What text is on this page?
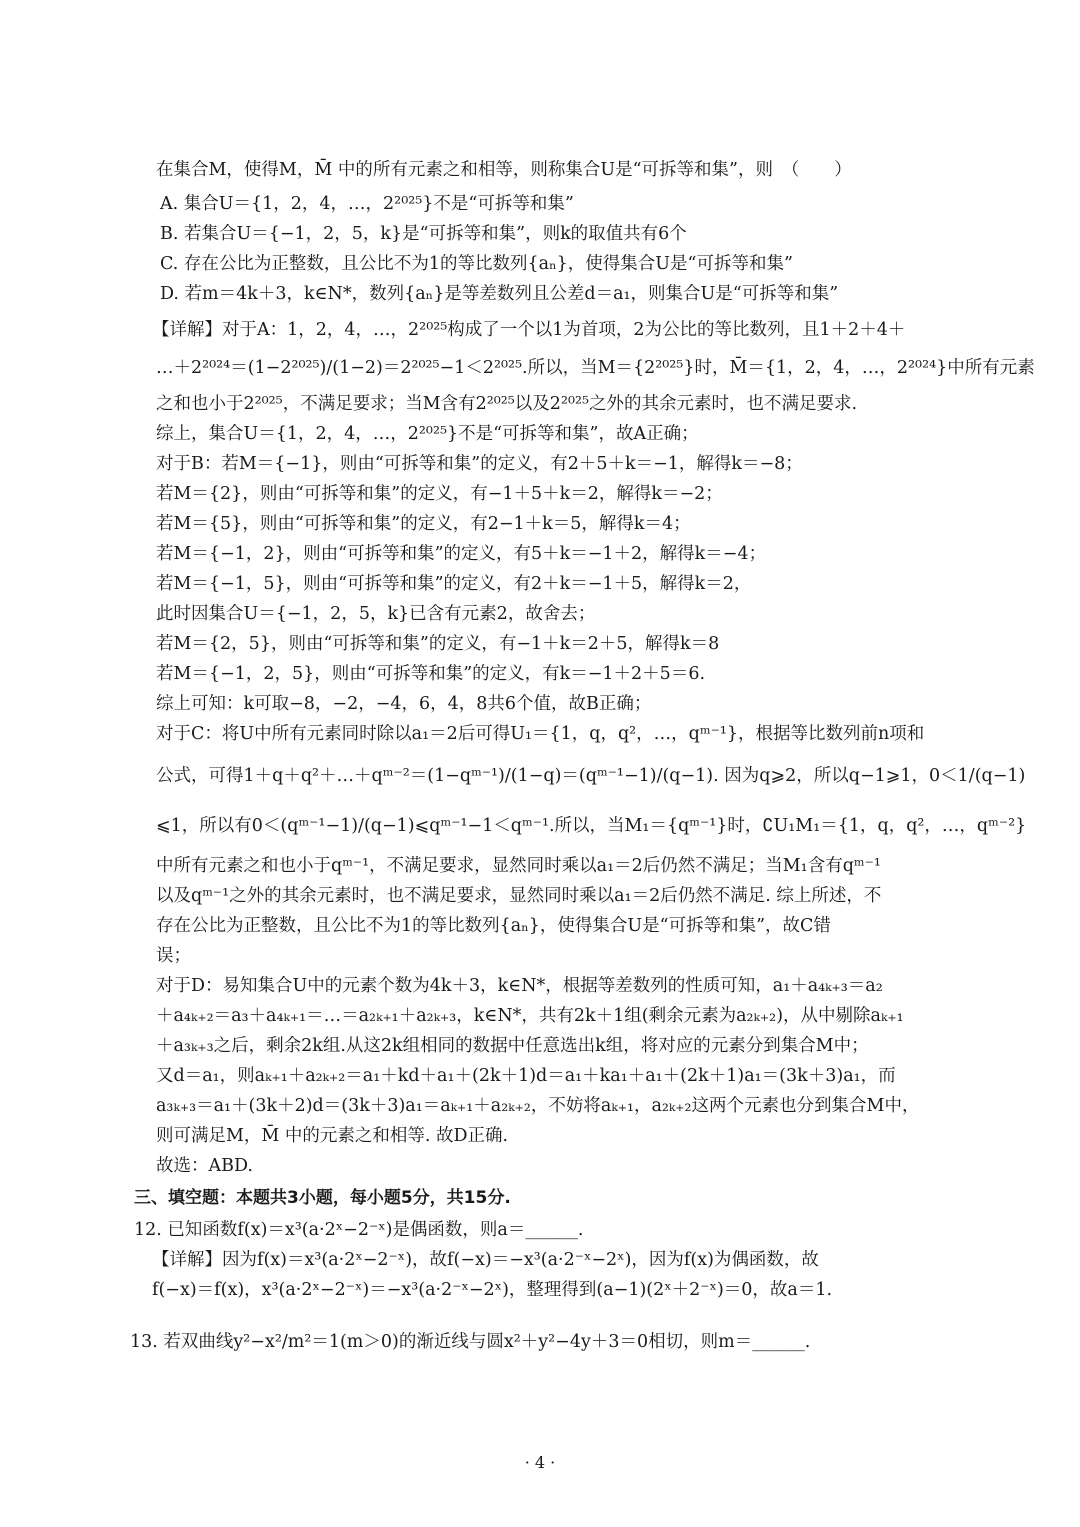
在集合M，使得M，M̄ 中的所有元素之和相等，则称集合U是“可拆等和集”，则　（　　）
A. 集合U＝{1，2，4，…，2²⁰²⁵}不是“可拆等和集”
B. 若集合U＝{−1，2，5，k}是“可拆等和集”，则k的取值共有6个
C. 存在公比为正整数，且公比不为1的等比数列{aₙ}，使得集合U是“可拆等和集”
D. 若m＝4k＋3，k∈N*，数列{aₙ}是等差数列且公差d＝a₁，则集合U是“可拆等和集”
【详解】对于A：1，2，4，…，2²⁰²⁵构成了一个以1为首项，2为公比的等比数列，且1＋2＋4＋
…＋2²⁰²⁴＝(1−2²⁰²⁵)/(1−2)＝2²⁰²⁵−1＜2²⁰²⁵.所以，当M＝{2²⁰²⁵}时，M̄＝{1，2，4，…，2²⁰²⁴}中所有元素
之和也小于2²⁰²⁵，不满足要求；当M含有2²⁰²⁵以及2²⁰²⁵之外的其余元素时，也不满足要求.
综上，集合U＝{1，2，4，…，2²⁰²⁵}不是“可拆等和集”，故A正确；
对于B：若M＝{−1}，则由“可拆等和集”的定义，有2＋5＋k＝−1，解得k＝−8；
若M＝{2}，则由“可拆等和集”的定义，有−1＋5＋k＝2，解得k＝−2；
若M＝{5}，则由“可拆等和集”的定义，有2−1＋k＝5，解得k＝4；
若M＝{−1，2}，则由“可拆等和集”的定义，有5＋k＝−1＋2，解得k＝−4；
若M＝{−1，5}，则由“可拆等和集”的定义，有2＋k＝−1＋5，解得k＝2，
此时因集合U＝{−1，2，5，k}已含有元素2，故舍去；
若M＝{2，5}，则由“可拆等和集”的定义，有−1＋k＝2＋5，解得k＝8
若M＝{−1，2，5}，则由“可拆等和集”的定义，有k＝−1＋2＋5＝6.
综上可知：k可取−8，−2，−4，6，4，8共6个值，故B正确；
对于C：将U中所有元素同时除以a₁＝2后可得U₁＝{1，q，q²，…，qᵐ⁻¹}，根据等比数列前n项和
公式，可得1＋q＋q²＋…＋qᵐ⁻²＝(1−qᵐ⁻¹)/(1−q)＝(qᵐ⁻¹−1)/(q−1). 因为q⩾2，所以q−1⩾1，0＜1/(q−1)
⩽1，所以有0＜(qᵐ⁻¹−1)/(q−1)⩽qᵐ⁻¹−1＜qᵐ⁻¹.所以，当M₁＝{qᵐ⁻¹}时，∁U₁M₁＝{1，q，q²，…，qᵐ⁻²}
中所有元素之和也小于qᵐ⁻¹，不满足要求，显然同时乘以a₁＝2后仍然不满足；当M₁含有qᵐ⁻¹
以及qᵐ⁻¹之外的其余元素时，也不满足要求，显然同时乘以a₁＝2后仍然不满足. 综上所述，不
存在公比为正整数，且公比不为1的等比数列{aₙ}，使得集合U是“可拆等和集”，故C错
误；
对于D：易知集合U中的元素个数为4k＋3，k∈N*，根据等差数列的性质可知，a₁＋a₄ₖ₊₃＝a₂
＋a₄ₖ₊₂＝a₃＋a₄ₖ₊₁＝…＝a₂ₖ₊₁＋a₂ₖ₊₃，k∈N*，共有2k＋1组(剩余元素为a₂ₖ₊₂)，从中剔除aₖ₊₁
＋a₃ₖ₊₃之后，剩余2k组.从这2k组相同的数据中任意选出k组，将对应的元素分到集合M中；
又d＝a₁，则aₖ₊₁＋a₂ₖ₊₂＝a₁＋kd＋a₁＋(2k＋1)d＝a₁＋ka₁＋a₁＋(2k＋1)a₁＝(3k＋3)a₁，而
a₃ₖ₊₃＝a₁＋(3k＋2)d＝(3k＋3)a₁＝aₖ₊₁＋a₂ₖ₊₂，不妨将aₖ₊₁，a₂ₖ₊₂这两个元素也分到集合M中，
则可满足M，M̄ 中的元素之和相等. 故D正确.
故选：ABD.
三、填空题：本题共3小题，每小题5分，共15分.
12. 已知函数f(x)＝x³(a·2ˣ−2⁻ˣ)是偶函数，则a＝______.
【详解】因为f(x)＝x³(a·2ˣ−2⁻ˣ)，故f(−x)＝−x³(a·2⁻ˣ−2ˣ)，因为f(x)为偶函数，故
f(−x)＝f(x)，x³(a·2ˣ−2⁻ˣ)＝−x³(a·2⁻ˣ−2ˣ)，整理得到(a−1)(2ˣ＋2⁻ˣ)＝0，故a＝1.
13. 若双曲线y²−x²/m²＝1(m＞0)的渐近线与圆x²＋y²−4y＋3＝0相切，则m＝______.
· 4 ·
